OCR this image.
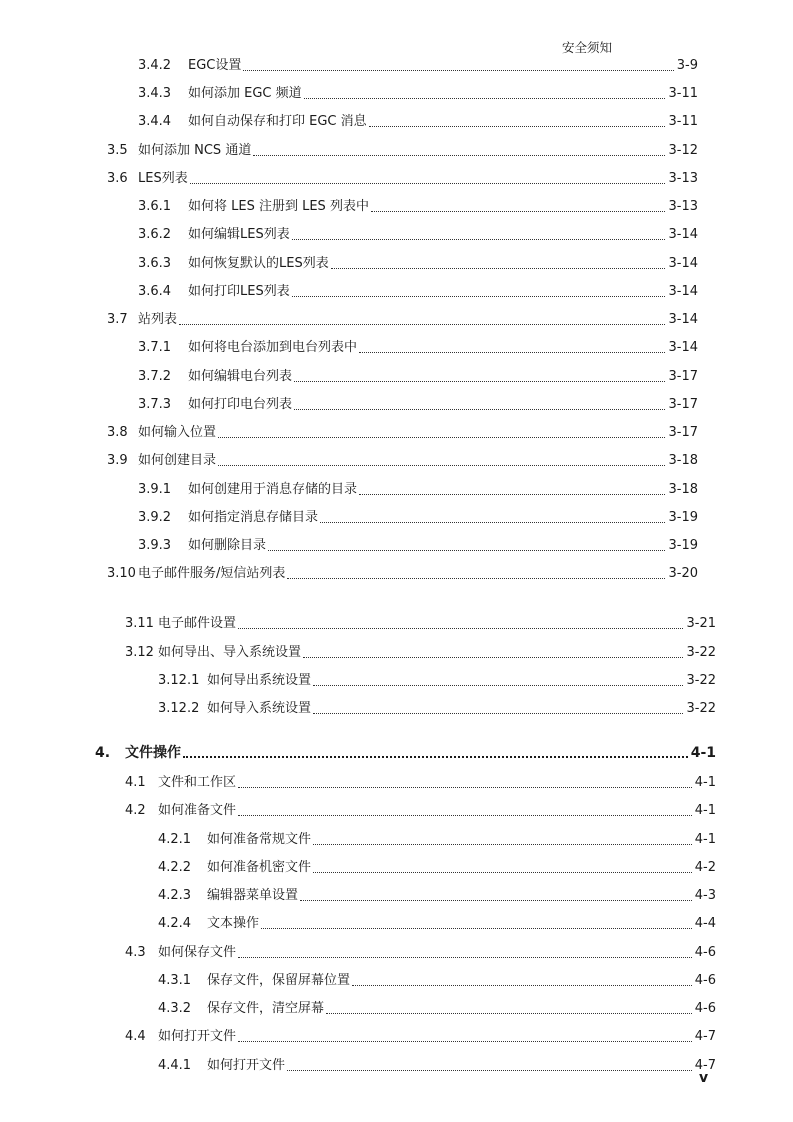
安全须知
3.4.2	EGC设置	3-9
3.4.3	如何添加 EGC 频道	3-11
3.4.4	如何自动保存和打印 EGC 消息	3-11
3.5 如何添加 NCS 通道	3-12
3.6 LES列表	3-13
3.6.1	如何将 LES 注册到 LES 列表中	3-13
3.6.2	如何编辑LES列表	3-14
3.6.3	如何恢复默认的LES列表	3-14
3.6.4	如何打印LES列表	3-14
3.7 站列表	3-14
3.7.1	如何将电台添加到电台列表中	3-14
3.7.2	如何编辑电台列表	3-17
3.7.3	如何打印电台列表	3-17
3.8 如何输入位置	3-17
3.9 如何创建目录	3-18
3.9.1	如何创建用于消息存储的目录	3-18
3.9.2	如何指定消息存储目录	3-19
3.9.3	如何删除目录	3-19
3.10 电子邮件服务/短信站列表	3-20
3.11 电子邮件设置	3-21
3.12 如何导出、导入系统设置	3-22
3.12.1 如何导出系统设置	3-22
3.12.2 如何导入系统设置	3-22
4.	文件操作	4-1
4.1 文件和工作区	4-1
4.2 如何准备文件	4-1
4.2.1	如何准备常规文件	4-1
4.2.2	如何准备机密文件	4-2
4.2.3	编辑器菜单设置	4-3
4.2.4	文本操作	4-4
4.3 如何保存文件	4-6
4.3.1	保存文件，保留屏幕位置	4-6
4.3.2	保存文件，清空屏幕	4-6
4.4 如何打开文件	4-7
4.4.1	如何打开文件	4-7
v
